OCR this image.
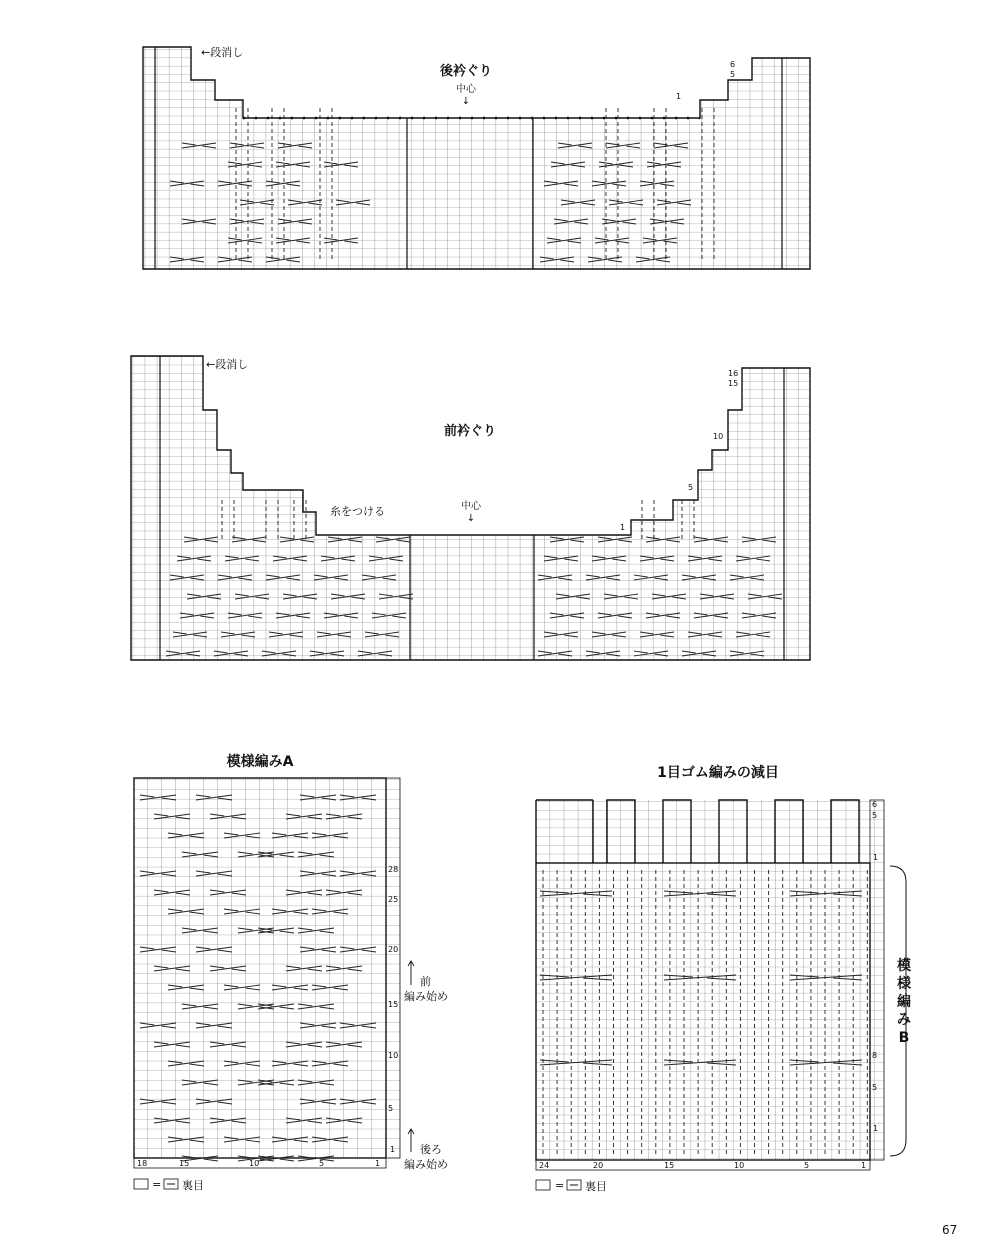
後衿ぐり
中心
↓
←段消し
6
5
1
前衿ぐり
中心
↓
←段消し
糸をつける
16
15
10
5
1
模様編みA
28
25
20
15
10
5
1
18	15	10	5	1
前
編み始め
後ろ
編み始め
= 裏目
1目ゴム編みの減目
6
5
1
8
5
1
24	20	15	10	5	1
模
様
編
み
B
= 裏目
67
